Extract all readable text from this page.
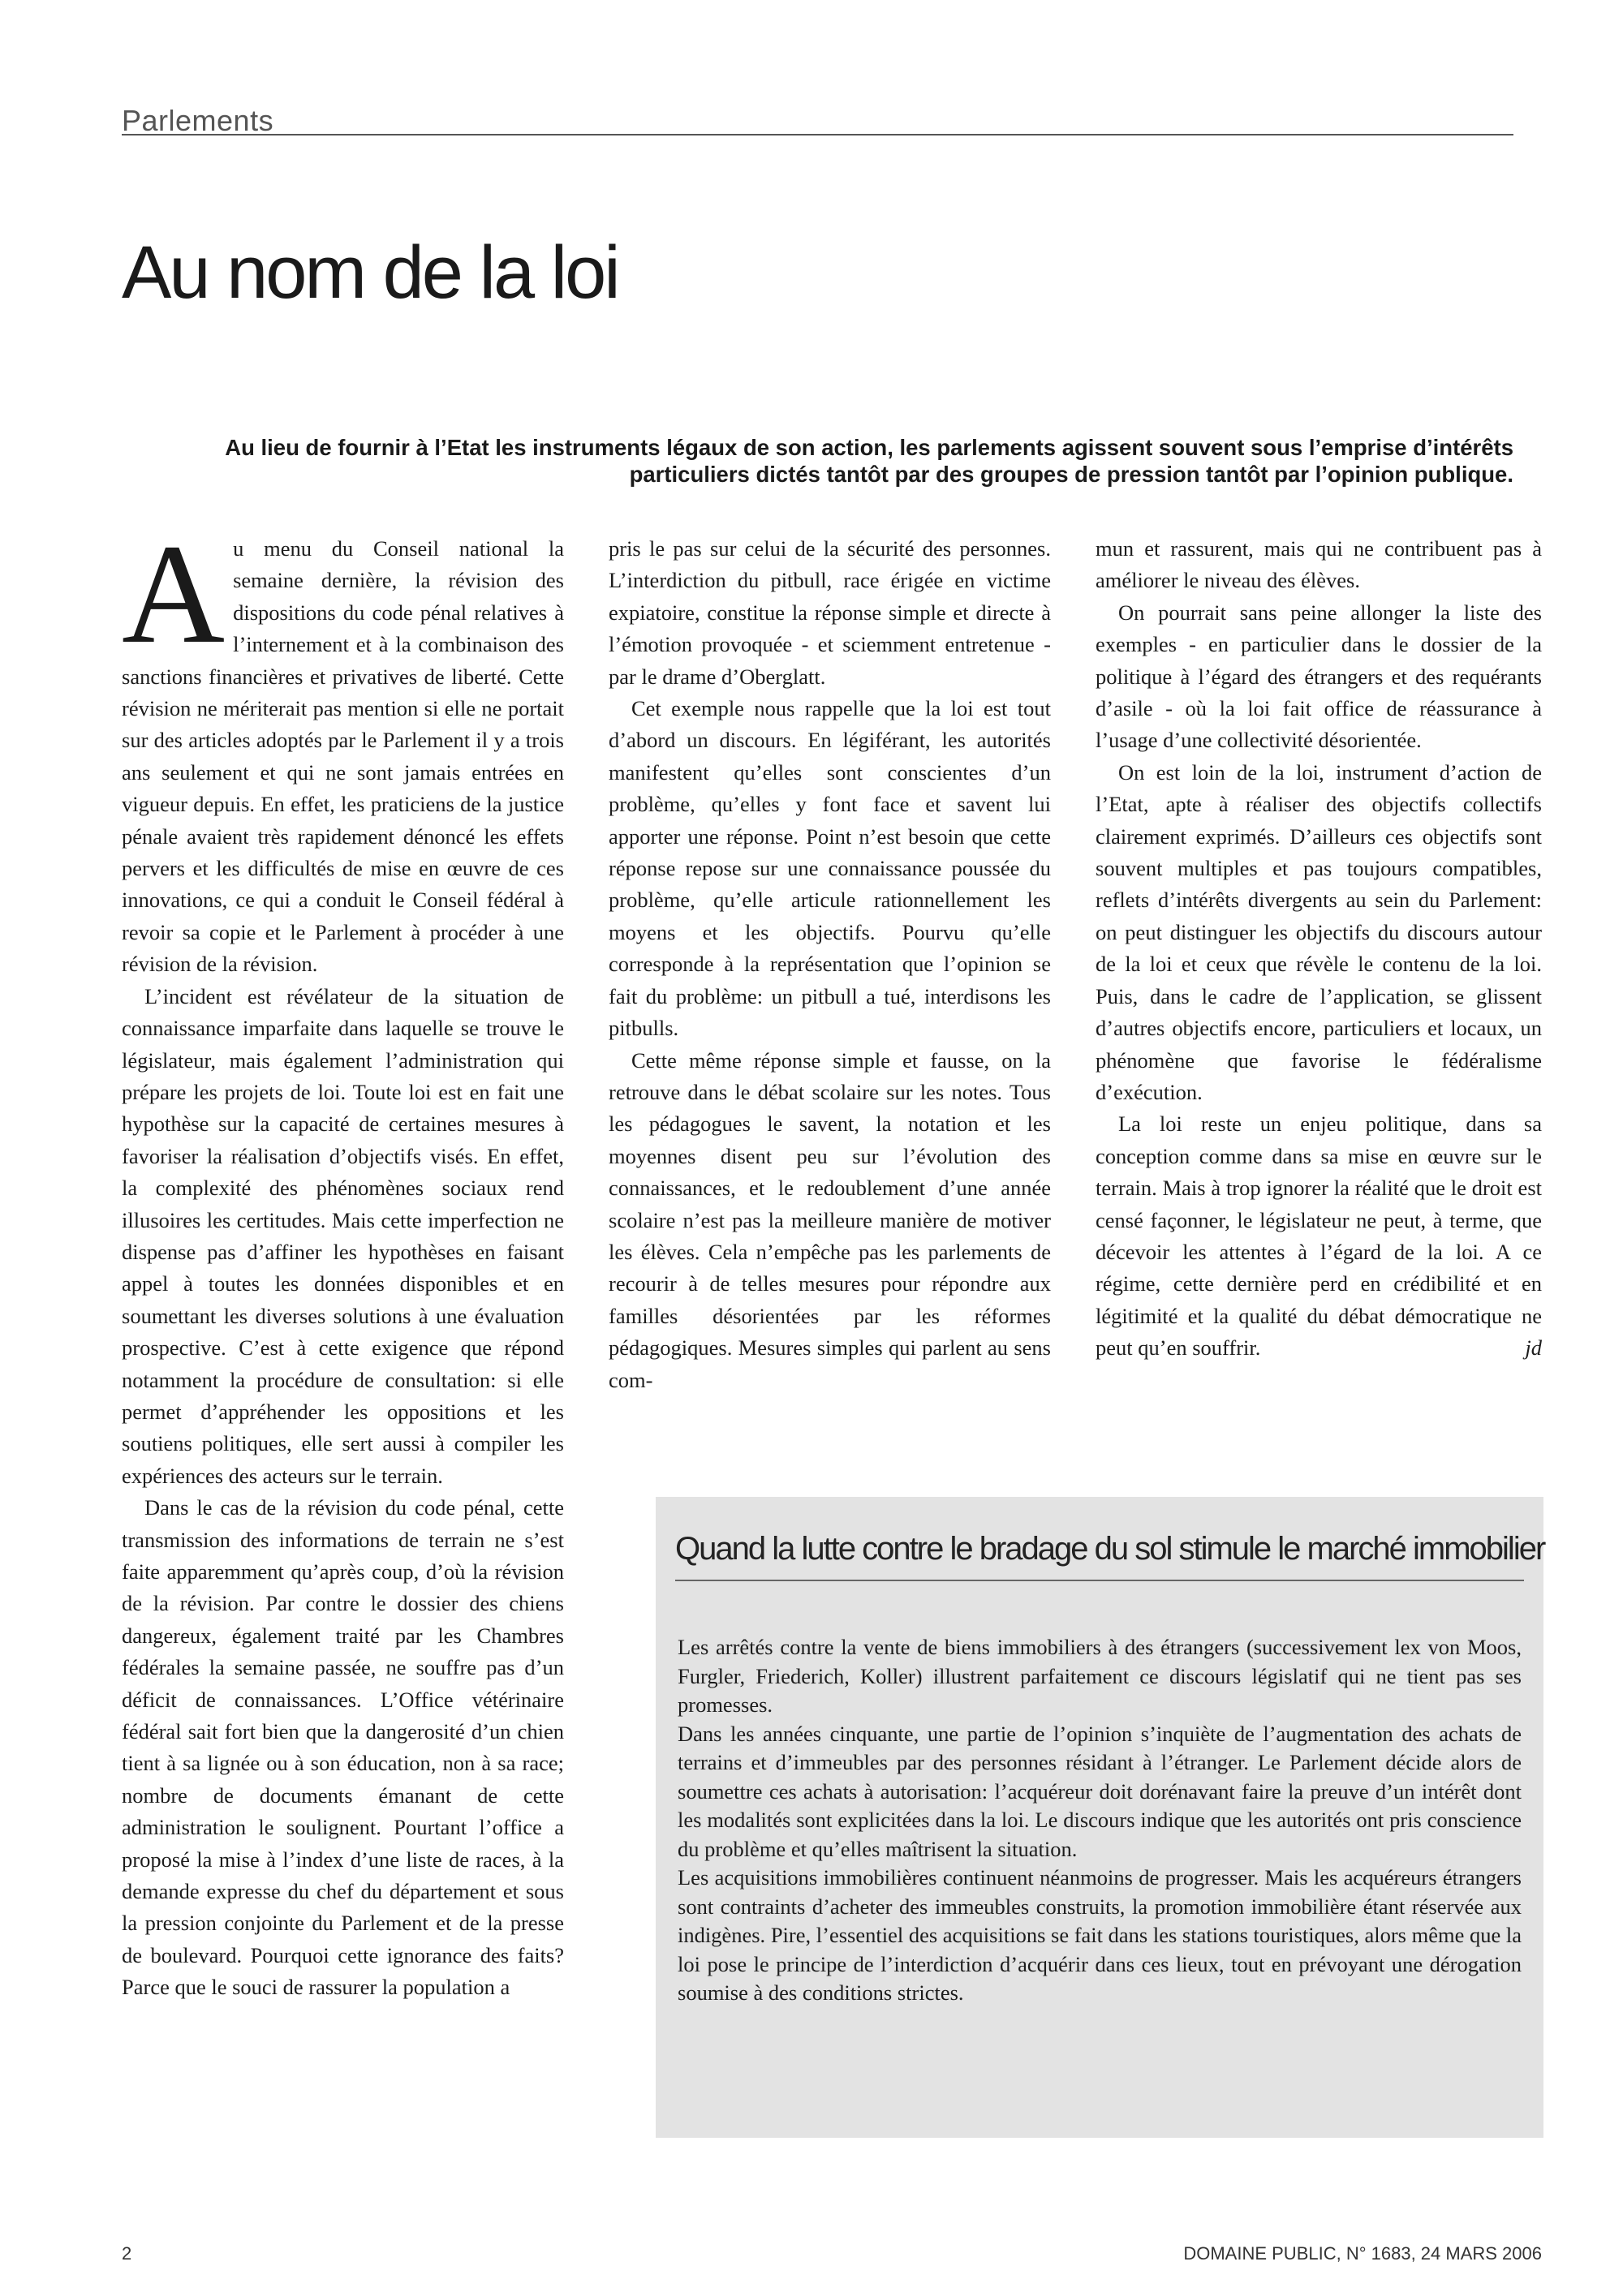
Parlements
Au nom de la loi

Au lieu de fournir à l’Etat les instruments légaux de son action, les parlements agissent souvent sous l’emprise d’intérêts particuliers dictés tantôt par des groupes de pression tantôt par l’opinion publique.

Au menu du Conseil national la semaine dernière, la révision des dispositions du code pénal relatives à l’internement et à la combinaison des sanctions financières et privatives de liberté. Cette révision ne mériterait pas mention si elle ne portait sur des articles adoptés par le Parlement il y a trois ans seulement et qui ne sont jamais entrées en vigueur depuis. En effet, les praticiens de la justice pénale avaient très rapidement dénoncé les effets pervers et les difficultés de mise en œuvre de ces innovations, ce qui a conduit le Conseil fédéral à revoir sa copie et le Parlement à procéder à une révision de la révision.

L’incident est révélateur de la situation de connaissance imparfaite dans laquelle se trouve le législateur, mais également l’administration qui prépare les projets de loi. Toute loi est en fait une hypothèse sur la capacité de certaines mesures à favoriser la réalisation d’objectifs visés. En effet, la complexité des phénomènes sociaux rend illusoires les certitudes. Mais cette imperfection ne dispense pas d’affiner les hypothèses en faisant appel à toutes les données disponibles et en soumettant les diverses solutions à une évaluation prospective. C’est à cette exigence que répond notamment la procédure de consultation: si elle permet d’appréhender les oppositions et les soutiens politiques, elle sert aussi à compiler les expériences des acteurs sur le terrain.

Dans le cas de la révision du code pénal, cette transmission des informations de terrain ne s’est faite apparemment qu’après coup, d’où la révision de la révision. Par contre le dossier des chiens dangereux, également traité par les Chambres fédérales la semaine passée, ne souffre pas d’un déficit de connaissances. L’Office vétérinaire fédéral sait fort bien que la dangerosité d’un chien tient à sa lignée ou à son éducation, non à sa race; nombre de documents émanant de cette administration le soulignent. Pourtant l’office a proposé la mise à l’index d’une liste de races, à la demande expresse du chef du département et sous la pression conjointe du Parlement et de la presse de boulevard. Pourquoi cette ignorance des faits? Parce que le souci de rassurer la population a

pris le pas sur celui de la sécurité des personnes. L’interdiction du pitbull, race érigée en victime expiatoire, constitue la réponse simple et directe à l’émotion provoquée - et sciemment entretenue - par le drame d’Oberglatt.

Cet exemple nous rappelle que la loi est tout d’abord un discours. En légiférant, les autorités manifestent qu’elles sont conscientes d’un problème, qu’elles y font face et savent lui apporter une réponse. Point n’est besoin que cette réponse repose sur une connaissance poussée du problème, qu’elle articule rationnellement les moyens et les objectifs. Pourvu qu’elle corresponde à la représentation que l’opinion se fait du problème: un pitbull a tué, interdisons les pitbulls.

Cette même réponse simple et fausse, on la retrouve dans le débat scolaire sur les notes. Tous les pédagogues le savent, la notation et les moyennes disent peu sur l’évolution des connaissances, et le redoublement d’une année scolaire n’est pas la meilleure manière de motiver les élèves. Cela n’empêche pas les parlements de recourir à de telles mesures pour répondre aux familles désorientées par les réformes pédagogiques. Mesures simples qui parlent au sens com-

mun et rassurent, mais qui ne contribuent pas à améliorer le niveau des élèves.

On pourrait sans peine allonger la liste des exemples - en particulier dans le dossier de la politique à l’égard des étrangers et des requérants d’asile - où la loi fait office de réassurance à l’usage d’une collectivité désorientée.

On est loin de la loi, instrument d’action de l’Etat, apte à réaliser des objectifs collectifs clairement exprimés. D’ailleurs ces objectifs sont souvent multiples et pas toujours compatibles, reflets d’intérêts divergents au sein du Parlement: on peut distinguer les objectifs du discours autour de la loi et ceux que révèle le contenu de la loi. Puis, dans le cadre de l’application, se glissent d’autres objectifs encore, particuliers et locaux, un phénomène que favorise le fédéralisme d’exécution.

La loi reste un enjeu politique, dans sa conception comme dans sa mise en œuvre sur le terrain. Mais à trop ignorer la réalité que le droit est censé façonner, le législateur ne peut, à terme, que décevoir les attentes à l’égard de la loi. A ce régime, cette dernière perd en crédibilité et en légitimité et la qualité du débat démocratique ne peut qu’en souffrir.	jd

Quand la lutte contre le bradage du sol stimule le marché immobilier

Les arrêtés contre la vente de biens immobiliers à des étrangers (successivement lex von Moos, Furgler, Friederich, Koller) illustrent parfaitement ce discours législatif qui ne tient pas ses promesses.

Dans les années cinquante, une partie de l’opinion s’inquiète de l’augmentation des achats de terrains et d’immeubles par des personnes résidant à l’étranger. Le Parlement décide alors de soumettre ces achats à autorisation: l’acquéreur doit dorénavant faire la preuve d’un intérêt dont les modalités sont explicitées dans la loi. Le discours indique que les autorités ont pris conscience du problème et qu’elles maîtrisent la situation.

Les acquisitions immobilières continuent néanmoins de progresser. Mais les acquéreurs étrangers sont contraints d’acheter des immeubles construits, la promotion immobilière étant réservée aux indigènes. Pire, l’essentiel des acquisitions se fait dans les stations touristiques, alors même que la loi pose le principe de l’interdiction d’acquérir dans ces lieux, tout en prévoyant une dérogation soumise à des conditions strictes.

2	DOMAINE PUBLIC, N° 1683, 24 MARS 2006
